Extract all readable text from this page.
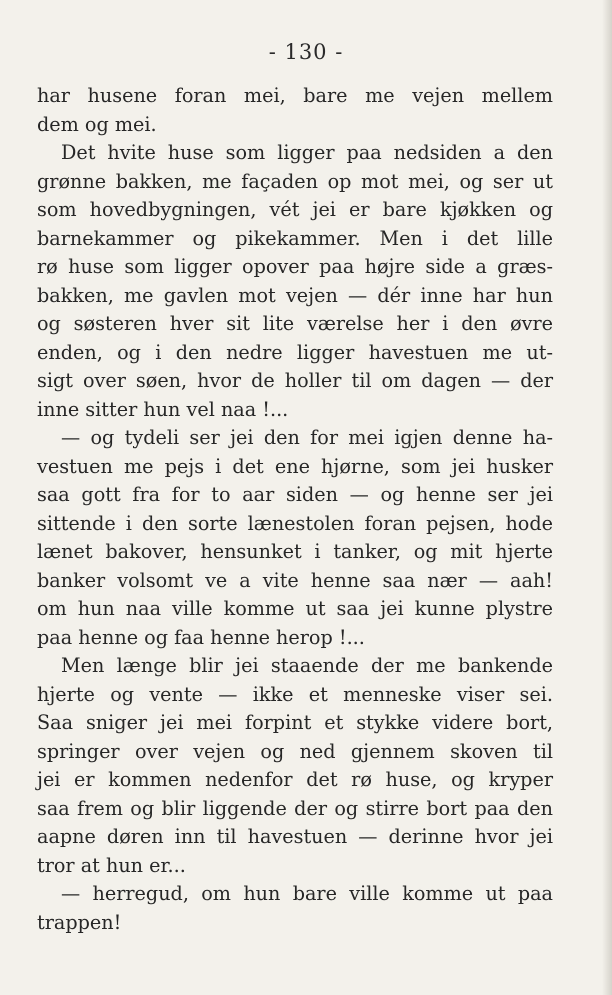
- 130 -
har husene foran mei, bare me vejen mellem
dem og mei.
Det hvite huse som ligger paa nedsiden a den
grønne bakken, me façaden op mot mei, og ser ut
som hovedbygningen, vét jei er bare kjøkken og
barnekammer og pikekammer. Men i det lille
rø huse som ligger opover paa højre side a græs-
bakken, me gavlen mot vejen — dér inne har hun
og søsteren hver sit lite værelse her i den øvre
enden, og i den nedre ligger havestuen me ut-
sigt over søen, hvor de holler til om dagen — der
inne sitter hun vel naa !...
— og tydeli ser jei den for mei igjen denne ha-
vestuen me pejs i det ene hjørne, som jei husker
saa gott fra for to aar siden — og henne ser jei
sittende i den sorte lænestolen foran pejsen, hode
lænet bakover, hensunket i tanker, og mit hjerte
banker volsomt ve a vite henne saa nær — aah!
om hun naa ville komme ut saa jei kunne plystre
paa henne og faa henne herop !...
Men længe blir jei staaende der me bankende
hjerte og vente — ikke et menneske viser sei.
Saa sniger jei mei forpint et stykke videre bort,
springer over vejen og ned gjennem skoven til
jei er kommen nedenfor det rø huse, og kryper
saa frem og blir liggende der og stirre bort paa den
aapne døren inn til havestuen — derinne hvor jei
tror at hun er...
— herregud, om hun bare ville komme ut paa
trappen!
